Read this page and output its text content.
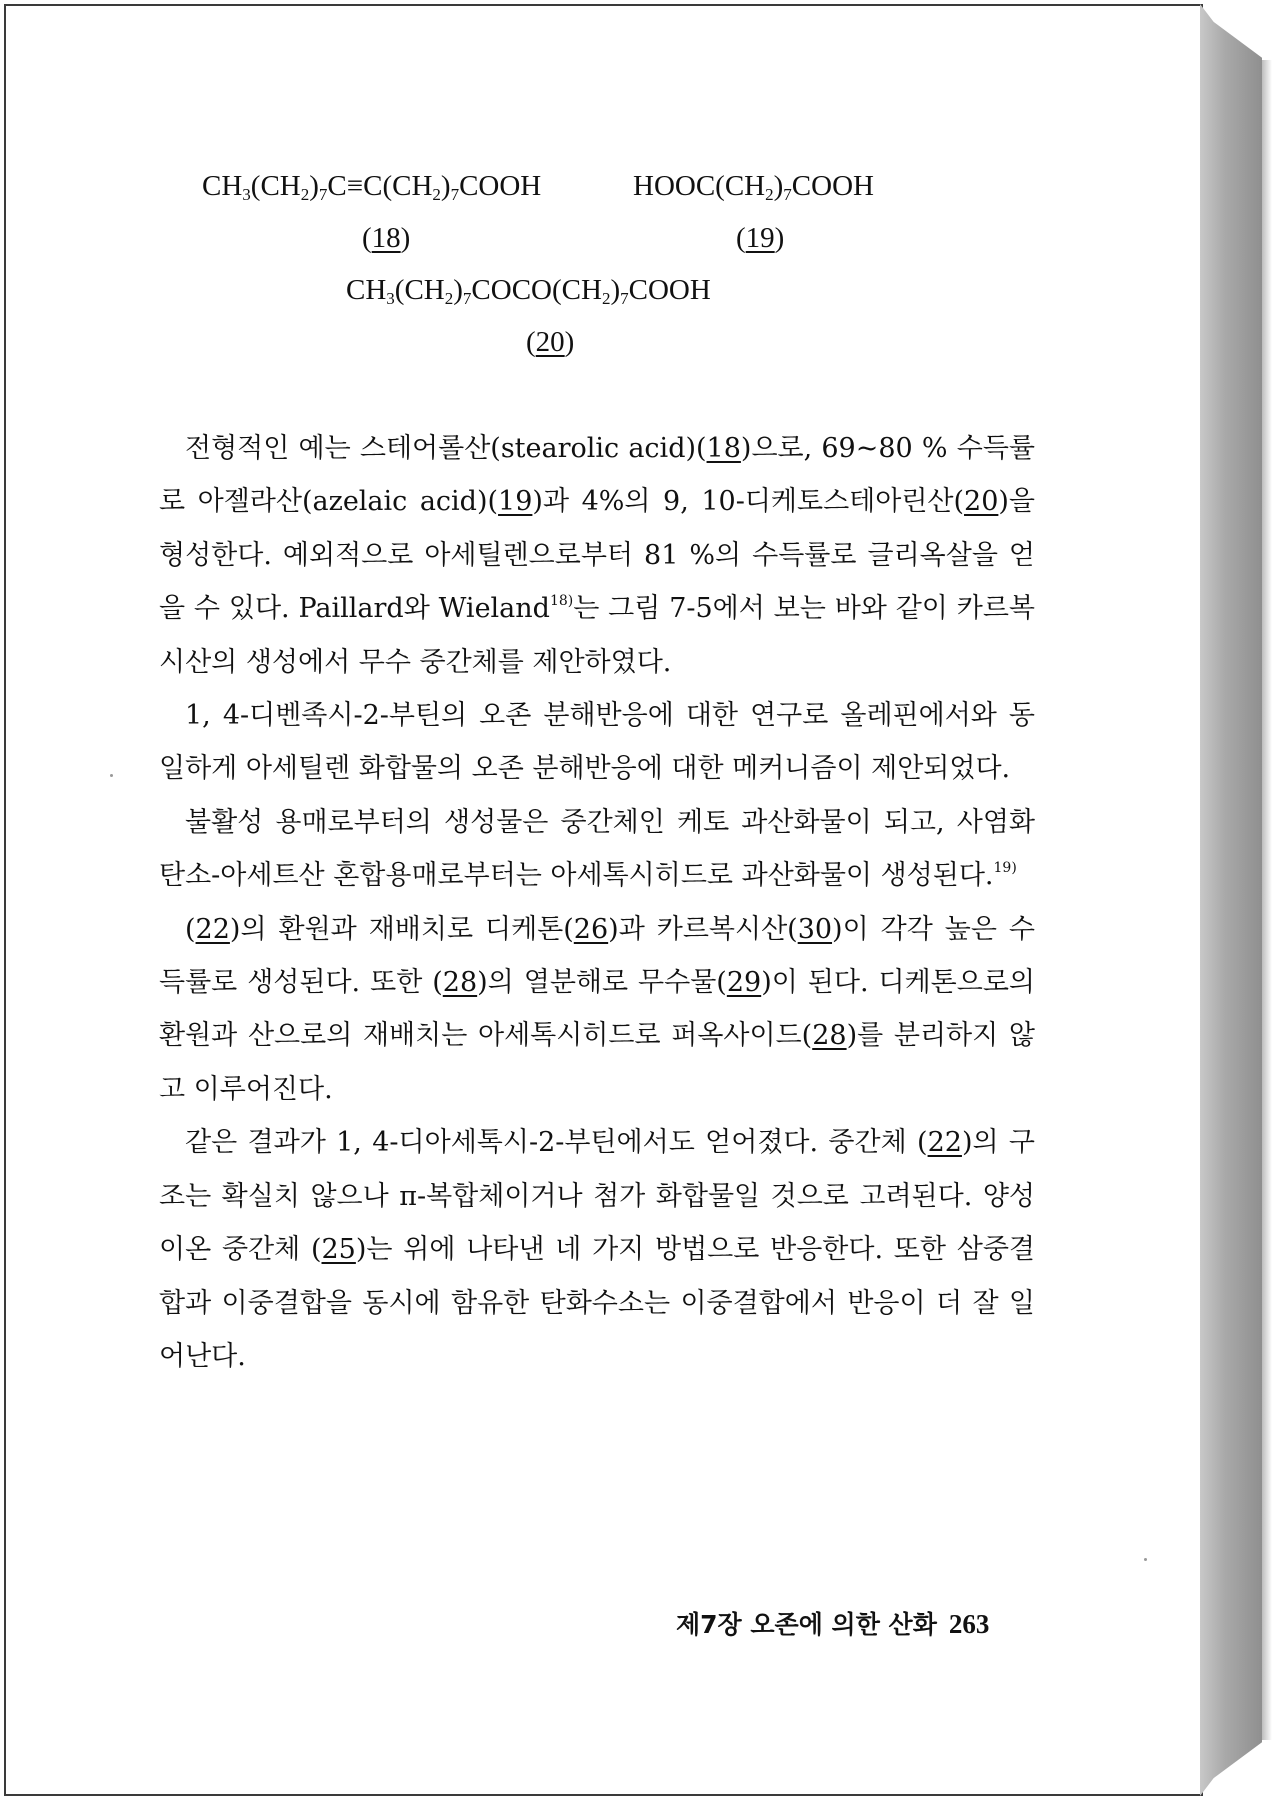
$CH_3(CH_2)_7C\equiv C(CH_2)_7COOH$	$HOOC(CH_2)_7COOH$
(18)	(19)
$CH_3(CH_2)_7COCO(CH_2)_7COOH$
(20)

전형적인 예는 스테어롤산(stearolic acid)(18)으로, 69~80 % 수득률로 아젤라산(azelaic acid)(19)과 4%의 9, 10-디케토스테아린산(20)을 형성한다. 예외적으로 아세틸렌으로부터 81 %의 수득률로 글리옥살을 얻을 수 있다. Paillard와 Wieland$^{18)}$는 그림 7-5에서 보는 바와 같이 카르복시산의 생성에서 무수 중간체를 제안하였다.

1, 4-디벤족시-2-부틴의 오존 분해반응에 대한 연구로 올레핀에서와 동일하게 아세틸렌 화합물의 오존 분해반응에 대한 메커니즘이 제안되었다.

불활성 용매로부터의 생성물은 중간체인 케토 과산화물이 되고, 사염화탄소-아세트산 혼합용매로부터는 아세톡시히드로 과산화물이 생성된다.$^{19)}$

(22)의 환원과 재배치로 디케톤(26)과 카르복시산(30)이 각각 높은 수득률로 생성된다. 또한 (28)의 열분해로 무수물(29)이 된다. 디케톤으로의 환원과 산으로의 재배치는 아세톡시히드로 퍼옥사이드(28)를 분리하지 않고 이루어진다.

같은 결과가 1, 4-디아세톡시-2-부틴에서도 얻어졌다. 중간체 (22)의 구조는 확실치 않으나 π-복합체이거나 첨가 화합물일 것으로 고려된다. 양성이온 중간체 (25)는 위에 나타낸 네 가지 방법으로 반응한다. 또한 삼중결합과 이중결합을 동시에 함유한 탄화수소는 이중결합에서 반응이 더 잘 일어난다.

제7장 오존에 의한 산화 263
